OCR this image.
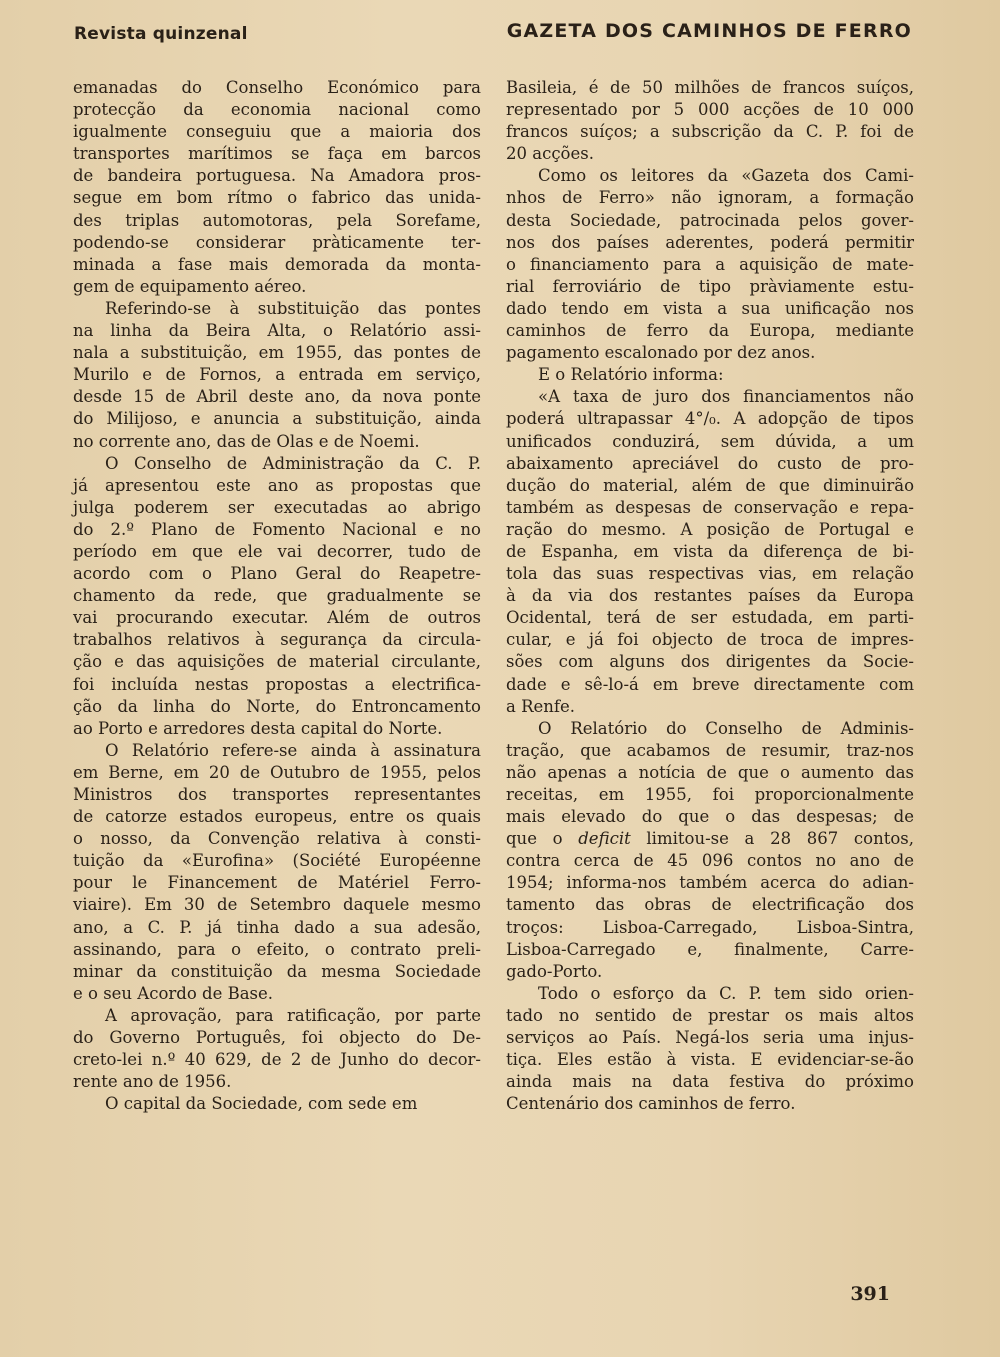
Revista quinzenal	GAZETA DOS CAMINHOS DE FERRO
emanadas do Conselho Económico para
protecção da economia nacional como
igualmente conseguiu que a maioria dos
transportes marítimos se faça em barcos
de bandeira portuguesa. Na Amadora pros-
segue em bom rítmo o fabrico das unida-
des triplas automotoras, pela Sorefame,
podendo-se considerar pràticamente ter-
minada a fase mais demorada da monta-
gem de equipamento aéreo.
Referindo-se à substituição das pontes
na linha da Beira Alta, o Relatório assi-
nala a substituição, em 1955, das pontes de
Murilo e de Fornos, a entrada em serviço,
desde 15 de Abril deste ano, da nova ponte
do Milijoso, e anuncia a substituição, ainda
no corrente ano, das de Olas e de Noemi.
O Conselho de Administração da C. P.
já apresentou este ano as propostas que
julga poderem ser executadas ao abrigo
do 2.º Plano de Fomento Nacional e no
período em que ele vai decorrer, tudo de
acordo com o Plano Geral do Reapetre-
chamento da rede, que gradualmente se
vai procurando executar. Além de outros
trabalhos relativos à segurança da circula-
ção e das aquisições de material circulante,
foi incluída nestas propostas a electrifica-
ção da linha do Norte, do Entroncamento
ao Porto e arredores desta capital do Norte.
O Relatório refere-se ainda à assinatura
em Berne, em 20 de Outubro de 1955, pelos
Ministros dos transportes representantes
de catorze estados europeus, entre os quais
o nosso, da Convenção relativa à consti-
tuição da «Eurofina» (Société Européenne
pour le Financement de Matériel Ferro-
viaire). Em 30 de Setembro daquele mesmo
ano, a C. P. já tinha dado a sua adesão,
assinando, para o efeito, o contrato preli-
minar da constituição da mesma Sociedade
e o seu Acordo de Base.
A aprovação, para ratificação, por parte
do Governo Português, foi objecto do De-
creto-lei n.º 40 629, de 2 de Junho do decor-
rente ano de 1956.
O capital da Sociedade, com sede em
Basileia, é de 50 milhões de francos suíços,
representado por 5 000 acções de 10 000
francos suíços; a subscrição da C. P. foi de
20 acções.
Como os leitores da «Gazeta dos Cami-
nhos de Ferro» não ignoram, a formação
desta Sociedade, patrocinada pelos gover-
nos dos países aderentes, poderá permitir
o financiamento para a aquisição de mate-
rial ferroviário de tipo pràviamente estu-
dado tendo em vista a sua unificação nos
caminhos de ferro da Europa, mediante
pagamento escalonado por dez anos.
E o Relatório informa:
«A taxa de juro dos financiamentos não
poderá ultrapassar 4°/₀. A adopção de tipos
unificados conduzirá, sem dúvida, a um
abaixamento apreciável do custo de pro-
dução do material, além de que diminuirão
também as despesas de conservação e repa-
ração do mesmo. A posição de Portugal e
de Espanha, em vista da diferença de bi-
tola das suas respectivas vias, em relação
à da via dos restantes países da Europa
Ocidental, terá de ser estudada, em parti-
cular, e já foi objecto de troca de impres-
sões com alguns dos dirigentes da Socie-
dade e sê-lo-á em breve directamente com
a Renfe.
O Relatório do Conselho de Adminis-
tração, que acabamos de resumir, traz-nos
não apenas a notícia de que o aumento das
receitas, em 1955, foi proporcionalmente
mais elevado do que o das despesas; de
que o deficit limitou-se a 28 867 contos,
contra cerca de 45 096 contos no ano de
1954; informa-nos também acerca do adian-
tamento das obras de electrificação dos
troços: Lisboa-Carregado, Lisboa-Sintra,
Lisboa-Carregado e, finalmente, Carre-
gado-Porto.
Todo o esforço da C. P. tem sido orien-
tado no sentido de prestar os mais altos
serviços ao País. Negá-los seria uma injus-
tiça. Eles estão à vista. E evidenciar-se-ão
ainda mais na data festiva do próximo
Centenário dos caminhos de ferro.
391
